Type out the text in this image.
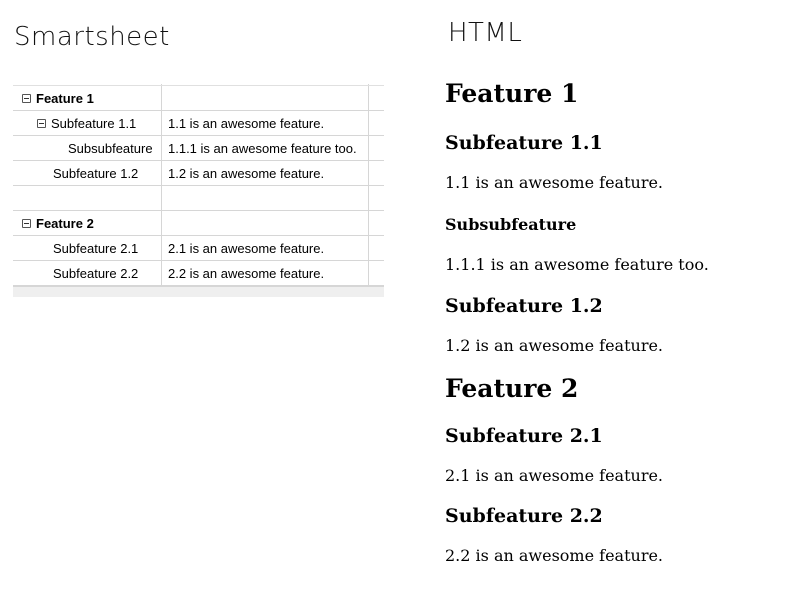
Smartsheet	HTML
Feature 1
Subfeature 1.1	1.1 is an awesome feature.
Subsubfeature	1.1.1 is an awesome feature too.
Subfeature 1.2	1.2 is an awesome feature.
Feature 2
Subfeature 2.1	2.1 is an awesome feature.
Subfeature 2.2	2.2 is an awesome feature.
Feature 1
Subfeature 1.1

1.1 is an awesome feature.

Subsubfeature

1.1.1 is an awesome feature too.

Subfeature 1.2

1.2 is an awesome feature.

Feature 2
Subfeature 2.1

2.1 is an awesome feature.

Subfeature 2.2

2.2 is an awesome feature.
